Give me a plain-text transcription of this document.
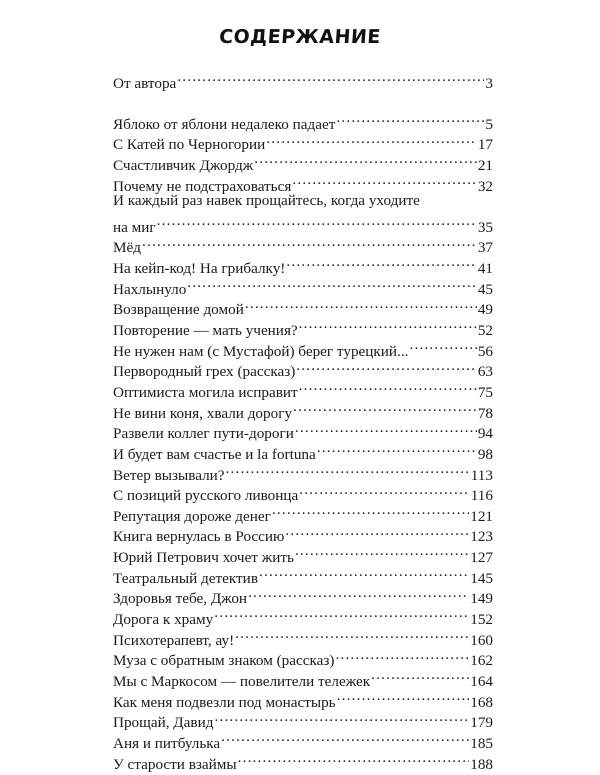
СОДЕРЖАНИЕ
От автора . . .	3
Яблоко от яблони недалеко падает . . .	5
С Катей по Черногории . . .	17
Счастливчик Джордж . . .	21
Почему не подстраховаться . . .	32
И каждый раз навек прощайтесь, когда уходите
на миг . . .	35
Мёд . . .	37
На кейп-код! На грибалку! . . .	41
Нахлынуло . . .	45
Возвращение домой . . .	49
Повторение — мать учения? . . .	52
Не нужен нам (с Мустафой) берег турецкий... . . .	56
Первородный грех (рассказ) . . .	63
Оптимиста могила исправит . . .	75
Не вини коня, хвали дорогу . . .	78
Развели коллег пути-дороги . . .	94
И будет вам счастье и la fortuna . . .	98
Ветер вызывали? . . .	113
С позиций русского ливонца . . .	116
Репутация дороже денег . . .	121
Книга вернулась в Россию . . .	123
Юрий Петрович хочет жить . . .	127
Театральный детектив . . .	145
Здоровья тебе, Джон . . .	149
Дорога к храму . . .	152
Психотерапевт, ау! . . .	160
Муза с обратным знаком (рассказ) . . .	162
Мы с Маркосом — повелители тележек . . .	164
Как меня подвезли под монастырь . . .	168
Прощай, Давид . . .	179
Аня и питбулька . . .	185
У старости взаймы . . .	188
